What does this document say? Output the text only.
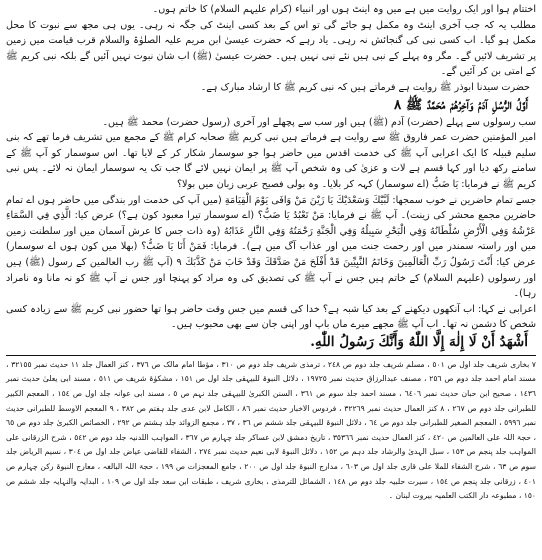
اختتام ہوا اور ایک روایت میں ہے میں وہ اینٹ ہوں اور انبیاء (کرام علیہم السلام) کا خاتم ہوں۔

مطلب یہ کہ جب آخری اینٹ وہ مکمل ہو جائے گی تو اس کے بعد کسی اینٹ کی جگہ نہ رہی۔ یوں ہی مجھ سے نبوت کا محل مکمل ہو گیا۔ اب کسی نبی کی گنجائش نہ رہی۔ یاد رہے کہ حضرت عیسیٰ ابن مریم علیہ الصلوٰۃ والسلام قرب قیامت میں زمین پر تشریف لائیں گے۔ مگر وہ پہلے کے نبی ہیں نئے نبی نہیں ہیں۔ حضرت عیسیٰ (ﷺ) اب شان نبوت نہیں آئیں گے بلکہ نبی کریم ﷺ کے امتی بن کر آئیں گے۔

حضرت سیدنا ابوذر ﷺ روایت ہے فرماتے ہیں کہ نبی کریم ﷺ کا ارشاد مبارک ہے۔

أَوَّلُ الرُّسُلِ آدَمُ وَآخِرُهُمْ مُحَمَّدٌ ﷺ ٨

سب رسولوں سے پہلے (حضرت) آدم (ﷺ) ہیں اور سب سے پچھلے اور آخری (رسول حضرت) محمد ﷺ ہیں۔

امیر المؤمنین حضرت عمر فاروق ﷺ سے روایت ہے فرماتے ہیں نبی کریم ﷺ صحابہ کرام ﷺ کے مجمع میں تشریف فرما تھے کہ بنی سلیم قبیلہ کا ایک اعرابی آپ ﷺ کی خدمت اقدس میں حاضر ہوا جو سوسمار شکار کر کے لایا تھا۔ اس سوسمار کو آپ ﷺ کے سامنے رکھ دیا اور کہا قسم ہے لات و عزیٰ کی وہ شخص آپ ﷺ پر ایمان نہیں لائے گا جب تک یہ سوسمار ایمان نہ لائے۔ پس نبی کریم ﷺ نے فرمایا: یَا ضَبُّ (اے سوسمار) کہہ کر بلایا۔ وہ بولی فصیح عربی زبان میں بولا؟

جسے تمام حاضرین نے خوب سمجھا: لَبَّيْكَ وَسَعْدَيْكَ يَا زَيْنَ مَنْ وَافَى يَوْمَ الْقِيَامَةِ (میں آپ کی خدمت اور بندگی میں حاضر ہوں اے تمام حاضرین مجمع محشر کی زینت)۔ آپ ﷺ نے فرمایا: مَنْ تَعْبُدُ يَا ضَبُّ؟ (اے سوسمار تیرا معبود کون ہے؟) عرض کیا: الَّذِي فِي السَّمَاءِ عَرْشُهُ وَفِي الْأَرْضِ سُلْطَانُهُ وَفِي الْبَحْرِ سَبِيلُهُ وَفِي الْجَنَّةِ رَحْمَتُهُ وَفِي النَّارِ عَذَابُهُ (وہ ذات جس کا عرش آسمان میں اور سلطنت زمین میں اور راستہ سمندر میں اور رحمت جنت میں اور عذاب آگ میں ہے)۔ فرمایا: فَمَنْ أَنَا يَا ضَبُّ؟ (بھلا میں کون ہوں اے سوسمار) عرض کیا: أَنْتَ رَسُولُ رَبِّ الْعَالَمِينَ وَخَاتَمُ النَّبِيِّينَ قَدْ أَفْلَحَ مَنْ صَدَّقَكَ وَقَدْ خَابَ مَنْ كَذَّبَكَ ٩ (آپ ﷺ رب العالمین کے رسول (ﷺ) ہیں اور رسولوں (علیہم السلام) کے خاتم ہیں جس نے آپ ﷺ کی تصدیق کی وہ مراد کو پہنچا اور جس نے آپ ﷺ کو نہ مانا وہ نامراد رہا)۔

اعرابی نے کہا: اب آنکھوں دیکھنے کے بعد کیا شبہ ہے؟ خدا کی قسم میں جس وقت حاضر ہوا تھا حضور نبی کریم ﷺ سے زیادہ کسی شخص کا دشمن نہ تھا۔ اب آپ ﷺ مجھے میرے ماں باپ اور اپنی جان سے بھی محبوب ہیں۔

أَشْهَدُ أَنْ لَا إِلٰهَ إِلَّا اللّٰهُ وَأَنَّكَ رَسُولُ اللّٰهِ.

٧ بخاری شریف جلد اول ص ٥٠١ ، مسلم شریف جلد دوم ص ٢٤٨ ، ترمذی شریف جلد دوم ص ٣١٠ ، مؤطا امام مالک ص ٣٧٦ ، کنز العمال جلد ١١ حدیث نمبر ٣٢١٥٥ ، مسند امام احمد جلد دوم ص ٢٥٦ ، مصنف عبدالرزاق حدیث نمبر ١٩٧٢٥ ، دلائل النبوۃ للبیہقی جلد اول ص ١٥١ ، مشکوٰۃ شریف ص ٥١١ ، مسند ابی یعلیٰ حدیث نمبر ١٤٣٦ ، صحیح ابن حبان حدیث نمبر ٦٤٠٦ ، مسند احمد جلد سوم ص ٣٦١ ، السنن الکبریٰ للبیہقی جلد نہم ص ٥ ، مسند ابی عوانہ جلد اول ص ١٥٤ ، المعجم الکبیر للطبرانی جلد دوم ص ٢٦٧ ، ٨ کنز العمال حدیث نمبر ٣٢٢٦٩ ، فردوس الاخبار حدیث نمبر ٨٦ ، الکامل لابن عدی جلد ہفتم ص ٣٨٢ ، ٩ المعجم الاوسط للطبرانی حدیث نمبر ٥٩٩٦ ، المعجم الصغیر للطبرانی جلد دوم ص ٦٤ ، دلائل النبوۃ للبیہقی جلد ششم ص ٣٦ ، ٣٧ ، مجمع الزوائد جلد ہشتم ص ٢٩٢ ، الخصائص الکبریٰ جلد دوم ص ٦٥ ، حجۃ اللہ علی العالمین ص ٤٢٠ ، کنز العمال حدیث نمبر ٣٥٣٦٦ ، تاریخ دمشق لابن عساکر جلد چہارم ص ٣٦٧ ، المواہب اللدنیہ جلد دوم ص ٥٤٢ ، شرح الزرقانی علی المواہب جلد پنجم ص ١٥٣ ، سبل الہدیٰ والرشاد جلد دہم ص ١٥٢ ، دلائل النبوۃ لابی نعیم حدیث نمبر ٢٧٤ ، الشفاء للقاضی عیاض جلد اول ص ٣٠٤ ، نسیم الریاض جلد سوم ص ٦٣ ، شرح الشفاء للملا علی قاری جلد اول ص ٦٠٣ ، مدارج النبوۃ جلد اول ص ٢٠٠ ، جامع المعجزات ص ١٩٩ ، حجۃ اللہ البالغہ ، معارج النبوۃ رکن چہارم ص ٤٠١ ، زرقانی جلد پنجم ص ١٥٤ ، سیرت حلبیہ جلد دوم ص ١٤٨ ، الشمائل للترمذی ، بخاری شریف ، طبقات ابن سعد جلد اول ص ١٠٩ ، البدایہ والنہایہ جلد ششم ص ١٥٠ ، مطبوعہ دار الکتب العلمیہ بیروت لبنان ۔
